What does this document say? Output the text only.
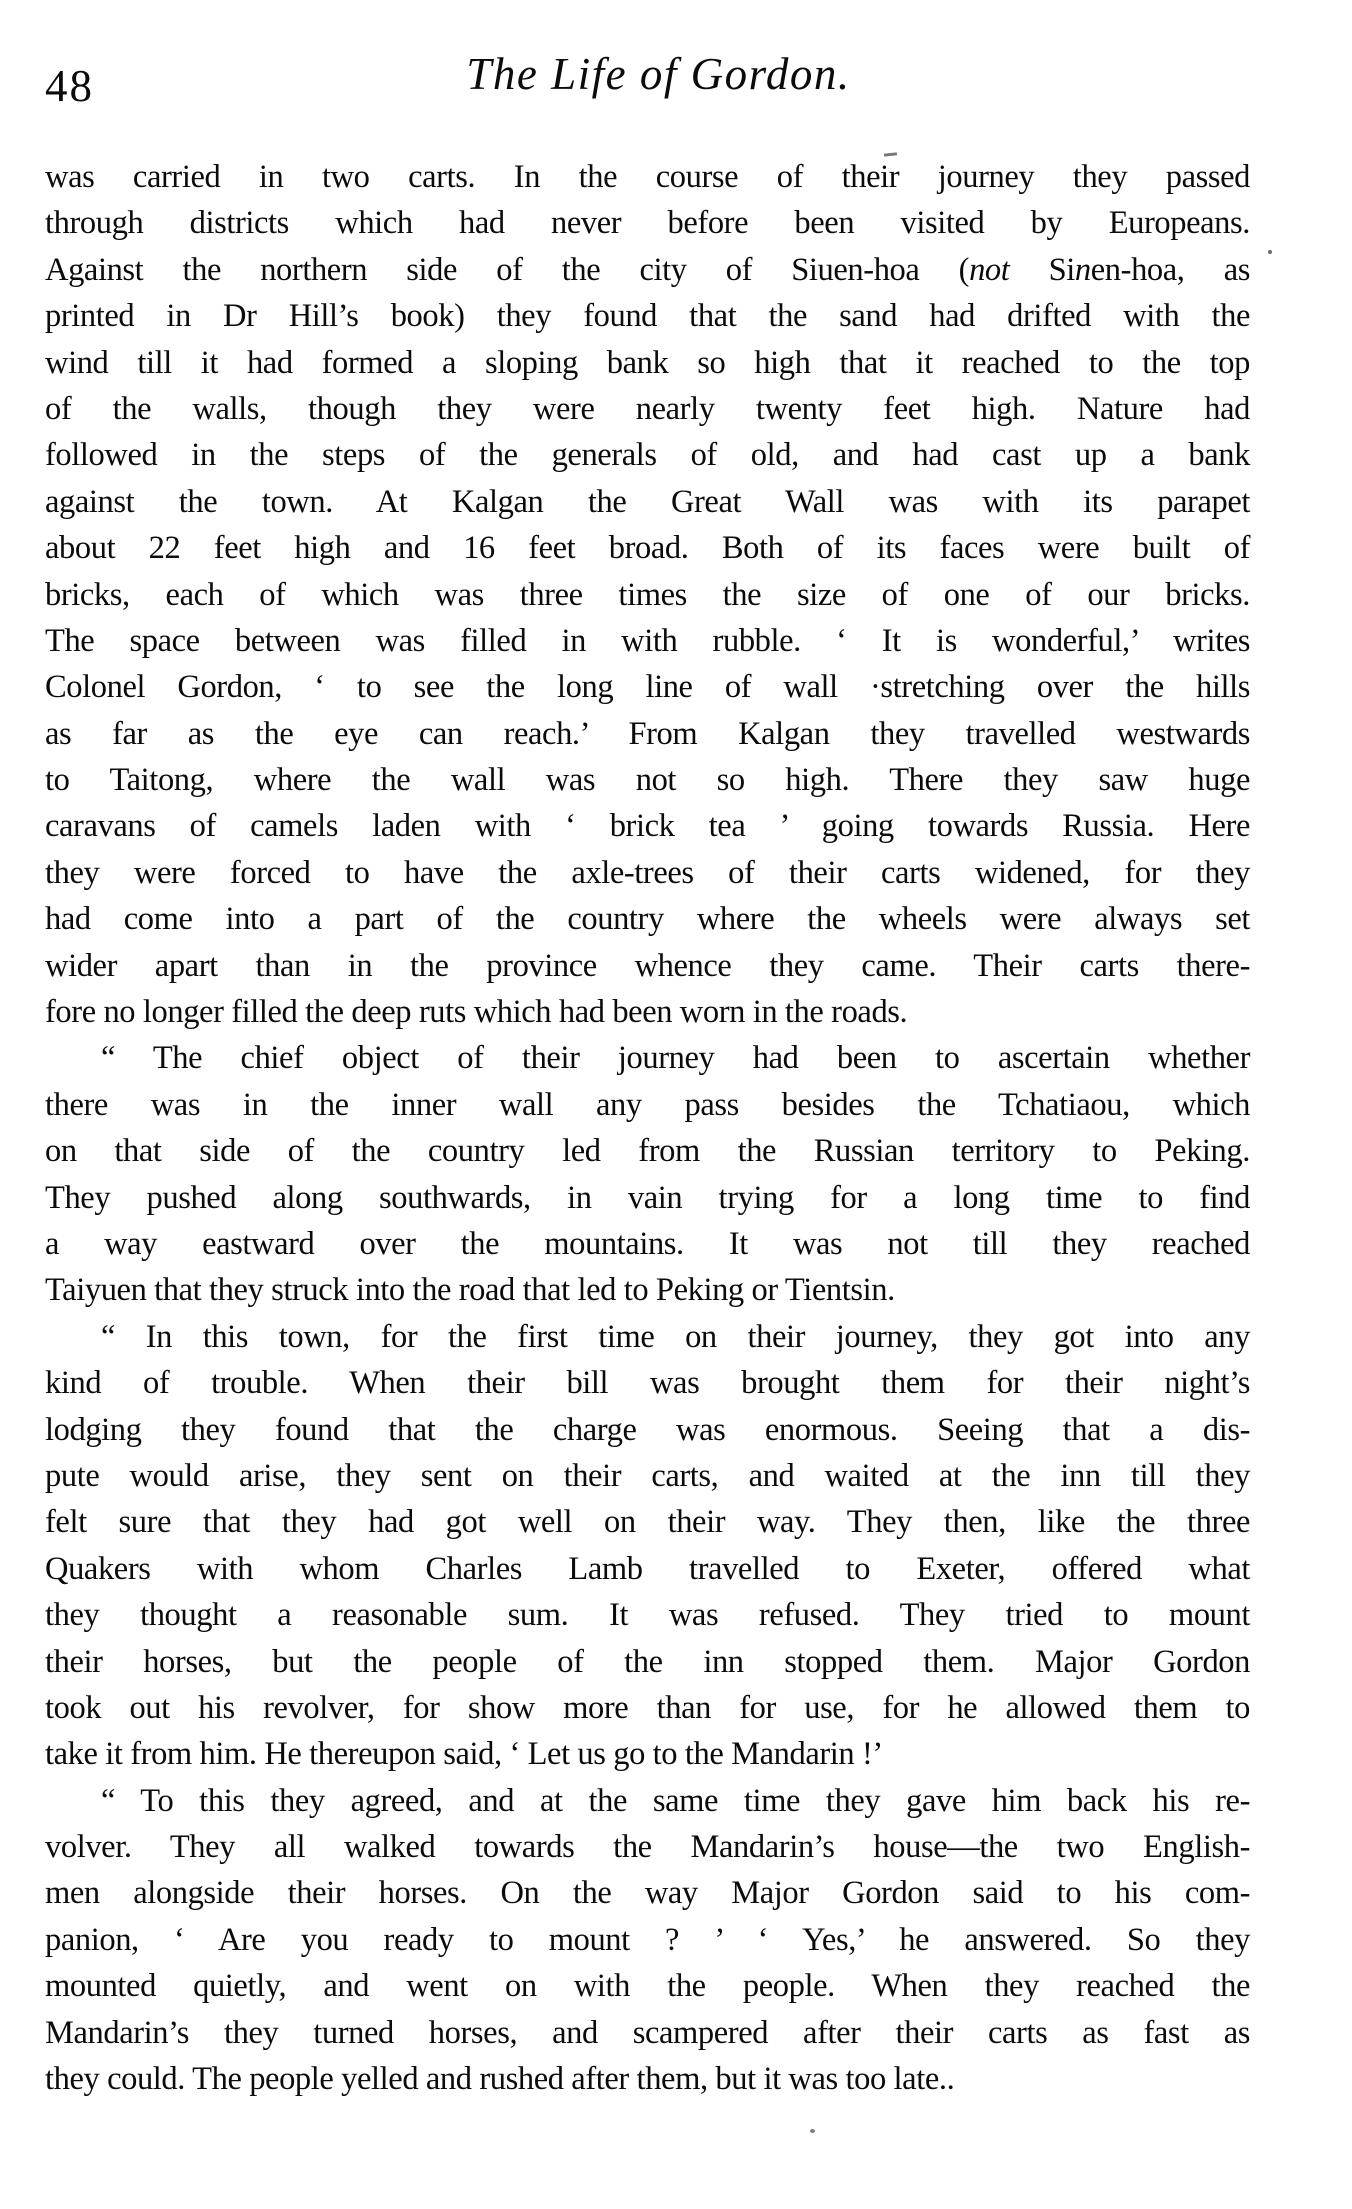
48	The Life of Gordon.
was carried in two carts. In the course of their journey they passed
through districts which had never before been visited by Europeans.
Against the northern side of the city of Siuen-hoa (not Sinen-hoa, as
printed in Dr Hill’s book) they found that the sand had drifted with the
wind till it had formed a sloping bank so high that it reached to the top
of the walls, though they were nearly twenty feet high. Nature had
followed in the steps of the generals of old, and had cast up a bank
against the town. At Kalgan the Great Wall was with its parapet
about 22 feet high and 16 feet broad. Both of its faces were built of
bricks, each of which was three times the size of one of our bricks.
The space between was filled in with rubble. ‘ It is wonderful,’ writes
Colonel Gordon, ‘ to see the long line of wall ·stretching over the hills
as far as the eye can reach.’ From Kalgan they travelled westwards
to Taitong, where the wall was not so high. There they saw huge
caravans of camels laden with ‘ brick tea ’ going towards Russia. Here
they were forced to have the axle-trees of their carts widened, for they
had come into a part of the country where the wheels were always set
wider apart than in the province whence they came. Their carts there-
fore no longer filled the deep ruts which had been worn in the roads.
“ The chief object of their journey had been to ascertain whether
there was in the inner wall any pass besides the Tchatiaou, which
on that side of the country led from the Russian territory to Peking.
They pushed along southwards, in vain trying for a long time to find
a way eastward over the mountains. It was not till they reached
Taiyuen that they struck into the road that led to Peking or Tientsin.
“ In this town, for the first time on their journey, they got into any
kind of trouble. When their bill was brought them for their night’s
lodging they found that the charge was enormous. Seeing that a dis-
pute would arise, they sent on their carts, and waited at the inn till they
felt sure that they had got well on their way. They then, like the three
Quakers with whom Charles Lamb travelled to Exeter, offered what
they thought a reasonable sum. It was refused. They tried to mount
their horses, but the people of the inn stopped them. Major Gordon
took out his revolver, for show more than for use, for he allowed them to
take it from him. He thereupon said, ‘ Let us go to the Mandarin !’
“ To this they agreed, and at the same time they gave him back his re-
volver. They all walked towards the Mandarin’s house—the two English-
men alongside their horses. On the way Major Gordon said to his com-
panion, ‘ Are you ready to mount ? ’ ‘ Yes,’ he answered. So they
mounted quietly, and went on with the people. When they reached the
Mandarin’s they turned horses, and scampered after their carts as fast as
they could. The people yelled and rushed after them, but it was too late..
